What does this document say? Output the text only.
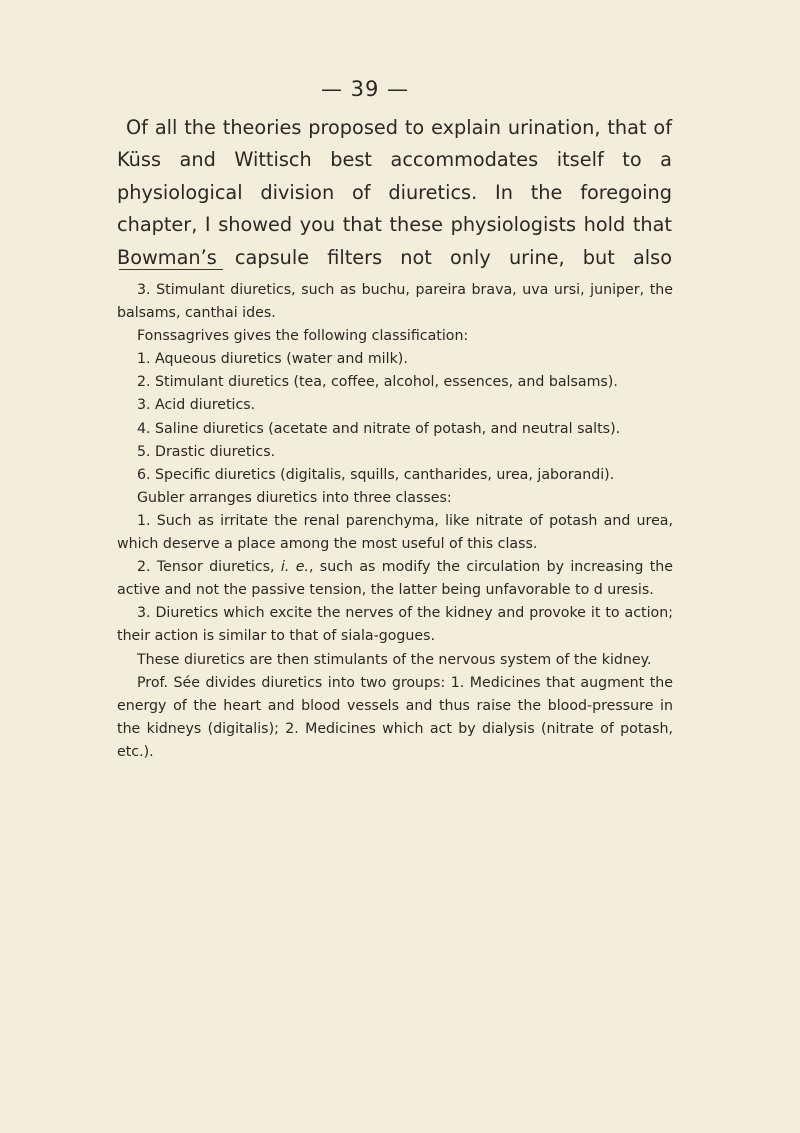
— 39 —

Of all the theories proposed to explain urination, that of Küss and Wittisch best accommodates itself to a physiological division of diuretics. In the foregoing chapter, I showed you that these physiologists hold that Bowman’s capsule filters not only urine, but also

3. Stimulant diuretics, such as buchu, pareira brava, uva ursi, juniper, the balsams, canthai ides.

Fonssagrives gives the following classification:

1. Aqueous diuretics (water and milk).

2. Stimulant diuretics (tea, coffee, alcohol, essences, and balsams).

3. Acid diuretics.

4. Saline diuretics (acetate and nitrate of potash, and neutral salts).

5. Drastic diuretics.

6. Specific diuretics (digitalis, squills, cantharides, urea, jaborandi).

Gubler arranges diuretics into three classes:

1. Such as irritate the renal parenchyma, like nitrate of potash and urea, which deserve a place among the most useful of this class.

2. Tensor diuretics, i. e., such as modify the circulation by increasing the active and not the passive tension, the latter being unfavorable to d uresis.

3. Diuretics which excite the nerves of the kidney and provoke it to action; their action is similar to that of siala-gogues.

These diuretics are then stimulants of the nervous system of the kidney.

Prof. Sée divides diuretics into two groups: 1. Medicines that augment the energy of the heart and blood vessels and thus raise the blood-pressure in the kidneys (digitalis); 2. Medicines which act by dialysis (nitrate of potash, etc.).
